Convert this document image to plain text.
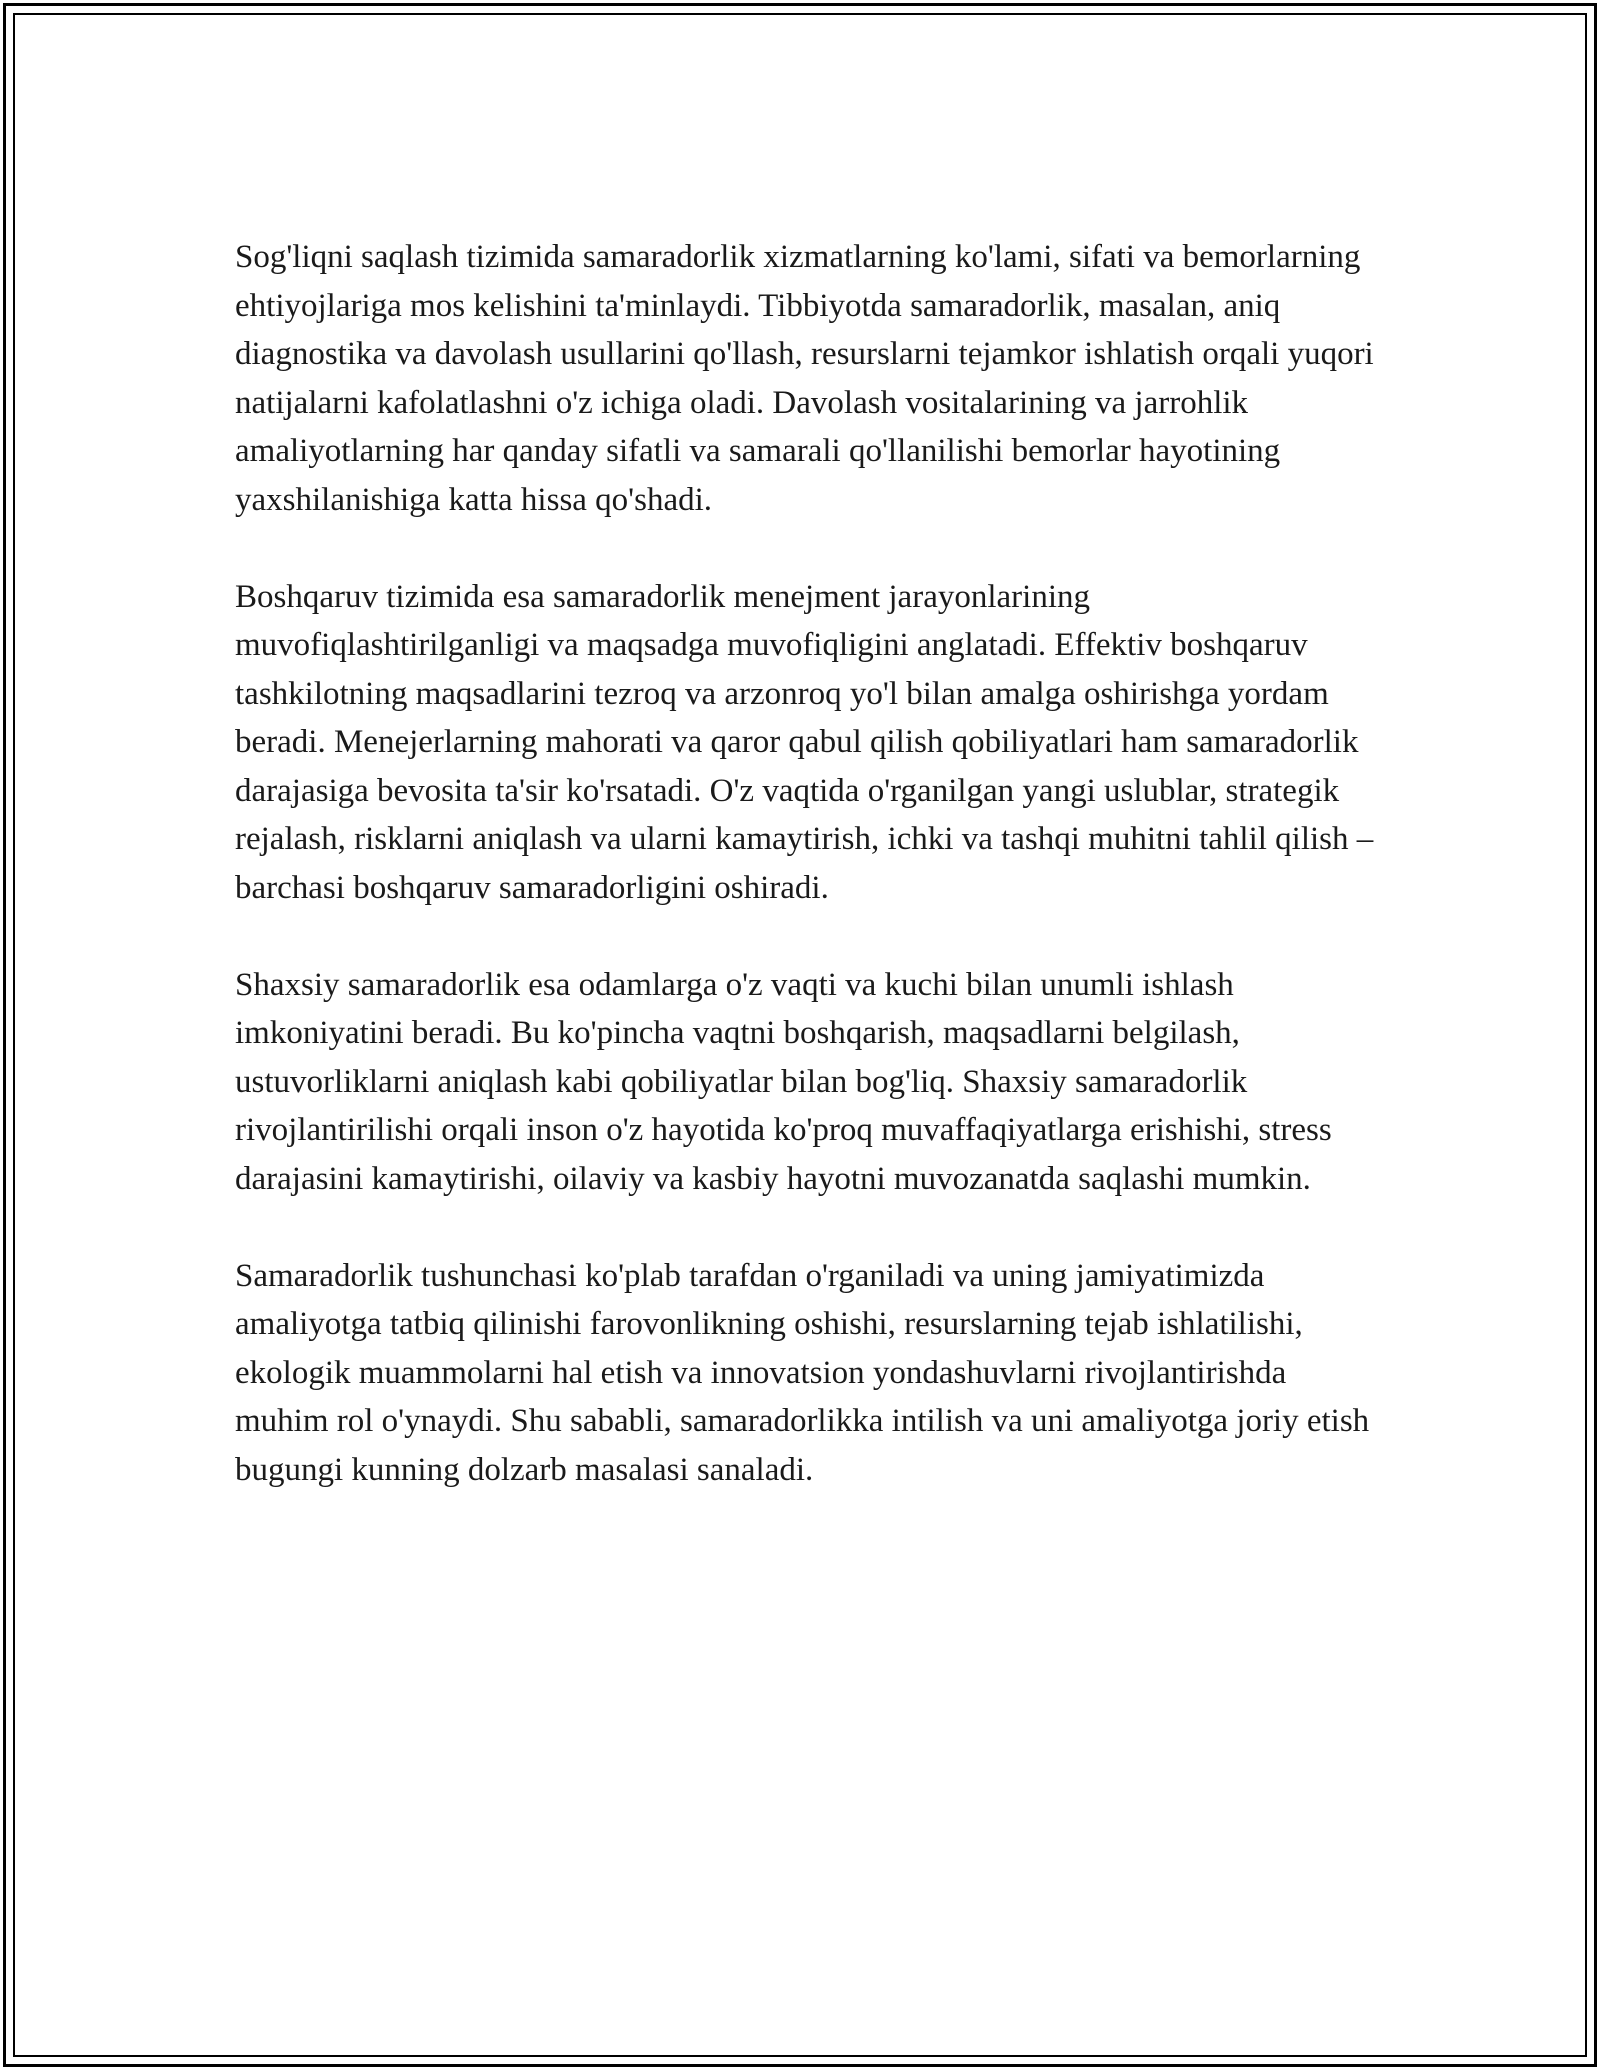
Sog'liqni saqlash tizimida samaradorlik xizmatlarning ko'lami, sifati va bemorlarning ehtiyojlariga mos kelishini ta'minlaydi. Tibbiyotda samaradorlik, masalan, aniq diagnostika va davolash usullarini qo'llash, resurslarni tejamkor ishlatish orqali yuqori natijalarni kafolatlashni o'z ichiga oladi. Davolash vositalarining va jarrohlik amaliyotlarning har qanday sifatli va samarali qo'llanilishi bemorlar hayotining yaxshilanishiga katta hissa qo'shadi.

Boshqaruv tizimida esa samaradorlik menejment jarayonlarining muvofiqlashtirilganligi va maqsadga muvofiqligini anglatadi. Effektiv boshqaruv tashkilotning maqsadlarini tezroq va arzonroq yo'l bilan amalga oshirishga yordam beradi. Menejerlarning mahorati va qaror qabul qilish qobiliyatlari ham samaradorlik darajasiga bevosita ta'sir ko'rsatadi. O'z vaqtida o'rganilgan yangi uslublar, strategik rejalash, risklarni aniqlash va ularni kamaytirish, ichki va tashqi muhitni tahlil qilish – barchasi boshqaruv samaradorligini oshiradi.

Shaxsiy samaradorlik esa odamlarga o'z vaqti va kuchi bilan unumli ishlash imkoniyatini beradi. Bu ko'pincha vaqtni boshqarish, maqsadlarni belgilash, ustuvorliklarni aniqlash kabi qobiliyatlar bilan bog'liq. Shaxsiy samaradorlik rivojlantirilishi orqali inson o'z hayotida ko'proq muvaffaqiyatlarga erishishi, stress darajasini kamaytirishi, oilaviy va kasbiy hayotni muvozanatda saqlashi mumkin.

Samaradorlik tushunchasi ko'plab tarafdan o'rganiladi va uning jamiyatimizda amaliyotga tatbiq qilinishi farovonlikning oshishi, resurslarning tejab ishlatilishi, ekologik muammolarni hal etish va innovatsion yondashuvlarni rivojlantirishda muhim rol o'ynaydi. Shu sababli, samaradorlikka intilish va uni amaliyotga joriy etish bugungi kunning dolzarb masalasi sanaladi.
